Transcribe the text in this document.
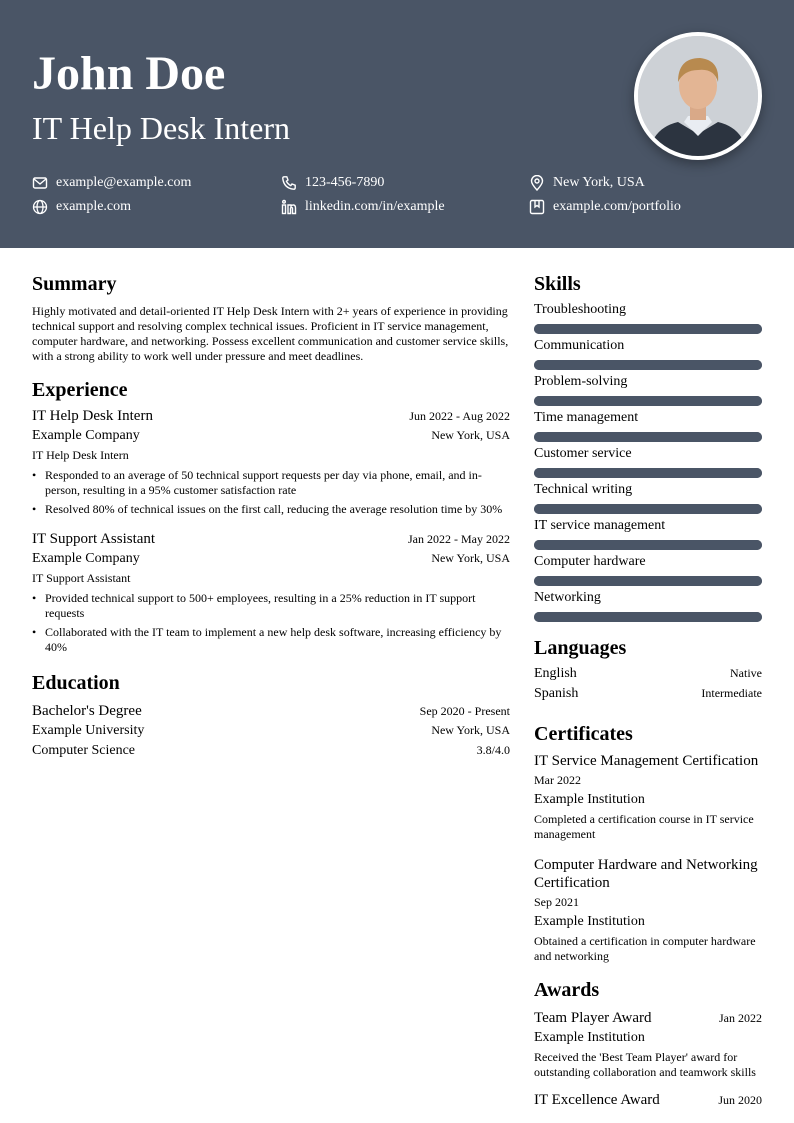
John Doe
IT Help Desk Intern
example@example.com	123-456-7890	New York, USA
example.com	linkedin.com/in/example	example.com/portfolio
Summary

Highly motivated and detail-oriented IT Help Desk Intern with 2+ years of experience in providing technical support and resolving complex technical issues. Proficient in IT service management, computer hardware, and networking. Possess excellent communication and customer service skills, with a strong ability to work well under pressure and meet deadlines.

Experience
IT Help Desk Intern	Jun 2022 - Aug 2022
Example Company	New York, USA
IT Help Desk Intern
• Responded to an average of 50 technical support requests per day via phone, email, and in-person, resulting in a 95% customer satisfaction rate
• Resolved 80% of technical issues on the first call, reducing the average resolution time by 30%
IT Support Assistant	Jan 2022 - May 2022
Example Company	New York, USA
IT Support Assistant
• Provided technical support to 500+ employees, resulting in a 25% reduction in IT support requests
• Collaborated with the IT team to implement a new help desk software, increasing efficiency by 40%
Education
Bachelor's Degree	Sep 2020 - Present
Example University	New York, USA
Computer Science	3.8/4.0
Skills
Troubleshooting
Communication
Problem-solving
Time management
Customer service
Technical writing
IT service management
Computer hardware
Networking
Languages
English	Native
Spanish	Intermediate
Certificates
IT Service Management Certification
Mar 2022
Example Institution
Completed a certification course in IT service management
Computer Hardware and Networking Certification
Sep 2021
Example Institution
Obtained a certification in computer hardware and networking
Awards
Team Player Award	Jan 2022
Example Institution
Received the 'Best Team Player' award for outstanding collaboration and teamwork skills
IT Excellence Award	Jun 2020
